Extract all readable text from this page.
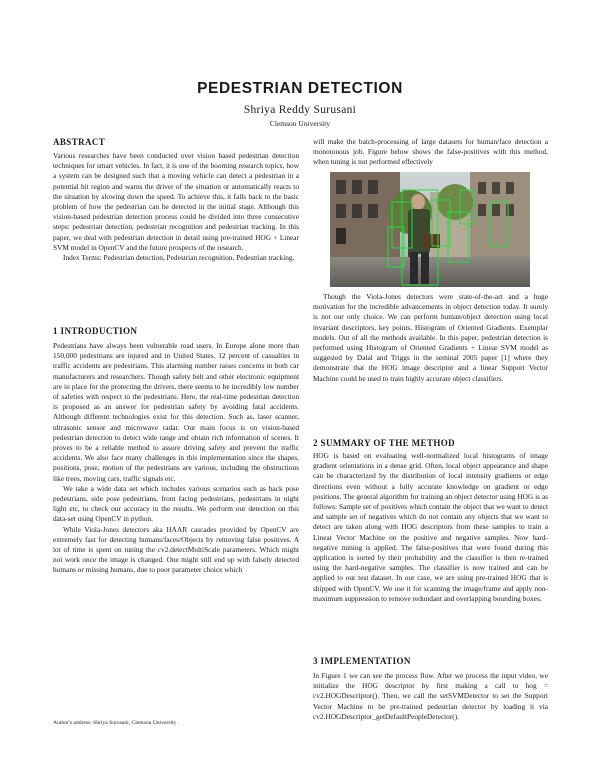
PEDESTRIAN DETECTION
Shriya Reddy Surusani
Clemson University
ABSTRACT

Various researches have been conducted over vision based pedestrian detection techniques for smart vehicles. In fact, it is one of the booming research topics, how a system can be designed such that a moving vehicle can detect a pedestrian in a potential hit region and warns the driver of the situation or automatically reacts to the situation by slowing down the speed. To achieve this, it falls back to the basic problem of how the pedestrian can be detected in the initial stage. Although this vision-based pedestrian detection process could be divided into three consecutive steps: pedestrian detection, pedestrian recognition and pedestrian tracking. In this paper, we deal with pedestrian detection in detail using pre-trained HOG + Linear SVM model in OpenCV and the future prospects of the research.

Index Terms: Pedestrian detection, Pedestrian recognition, Pedestrian tracking.

1 INTRODUCTION

Pedestrians have always been vulnerable road users. In Europe alone more than 150,000 pedestrians are injured and in United States, 12 percent of casualties in traffic accidents are pedestrians. This alarming number raises concerns in both car manufacturers and researchers. Though safety belt and other electronic equipment are in place for the protecting the drivers, there seems to be incredibly low number of safeties with respect to the pedestrians. Here, the real-time pedestrian detection is proposed as an answer for pedestrian safety by avoiding fatal accidents. Although different technologies exist for this detection. Such as, laser scanner, ultrasonic sensor and microwave radar. Our main focus is on vision-based pedestrian detection to detect wide range and obtain rich information of scenes. It proves to be a reliable method to assure driving safety and prevent the traffic accidents. We also face many challenges in this implementation since the shapes, positions, pose, motion of the pedestrians are various, including the obstructions like trees, moving cars, traffic signals etc.

We take a wide data set which includes various scenarios such as back pose pedestrians, side pose pedestrians, front facing pedestrians, pedestrians in night light etc, to check our accuracy in the results. We perform our detection on this data-set using OpenCV in python.

While Viola-Jones detectors aka HAAR cascades provided by OpenCV are extremely fast for detecting humans/faces/Objects by removing false positives. A lot of time is spent on tuning the cv2.detectMultiScale parameters. Which might not work once the image is changed. One might still end up with falsely detected humans or missing humans, due to poor parameter choice which

Author's address: Shriya Surusani, Clemson University .

will make the batch-processing of large datasets for human/face detection a monotonous job. Figure below shows the false-positives with this method, when tuning is not performed effectively

Though the Viola-Jones detectors were state-of-the-art and a huge motivation for the incredible advancements in object detection today. It surely is not our only choice. We can perform human/object detection using local invariant descriptors, key points, Histogram of Oriented Gradients. Exemplar models. Out of all the methods available. In this paper, pedestrian detection is performed using Histogram of Oriented Gradients + Linear SVM model as suggested by Dalal and Triggs in the seminal 2005 paper [1] where they demonstrate that the HOG image descriptor and a linear Support Vector Machine could be used to train highly accurate object classifiers.

2 SUMMARY OF THE METHOD

HOG is based on evaluating well-normalized local histograms of image gradient orientations in a dense grid. Often, local object appearance and shape can be characterized by the distribution of local intensity gradients or edge directions even without a fully accurate knowledge on gradient or edge positions. The general algorithm for training an object detector using HOG is as follows: Sample set of positives which contain the object that we want to detect and sample set of negatives which do not contain any objects that we want to detect are taken along with HOG descriptors from these samples to train a Linear Vector Machine on the positive and negative samples. Now hard-negative mining is applied. The false-positives that were found during this application is sorted by their probability and the classifier is then re-trained using the hard-negative samples. The classifier is now trained and can be applied to our test dataset. In our case, we are using pre-trained HOG that is shipped with OpenCV. We use it for scanning the image/frame and apply non-maximum suppression to remove redundant and overlapping bounding boxes.

3 IMPLEMENTATION

In Figure 1 we can see the process flow. After we process the input video, we initialize the HOG descriptor by first making a call to hog = cv2.HOGDescriptor(). Then, we call the setSVMDetector to set the Support Vector Machine to be pre-trained pedestrian detector by loading it via cv2.HOGDescriptor_getDefaultPeopleDetector().
